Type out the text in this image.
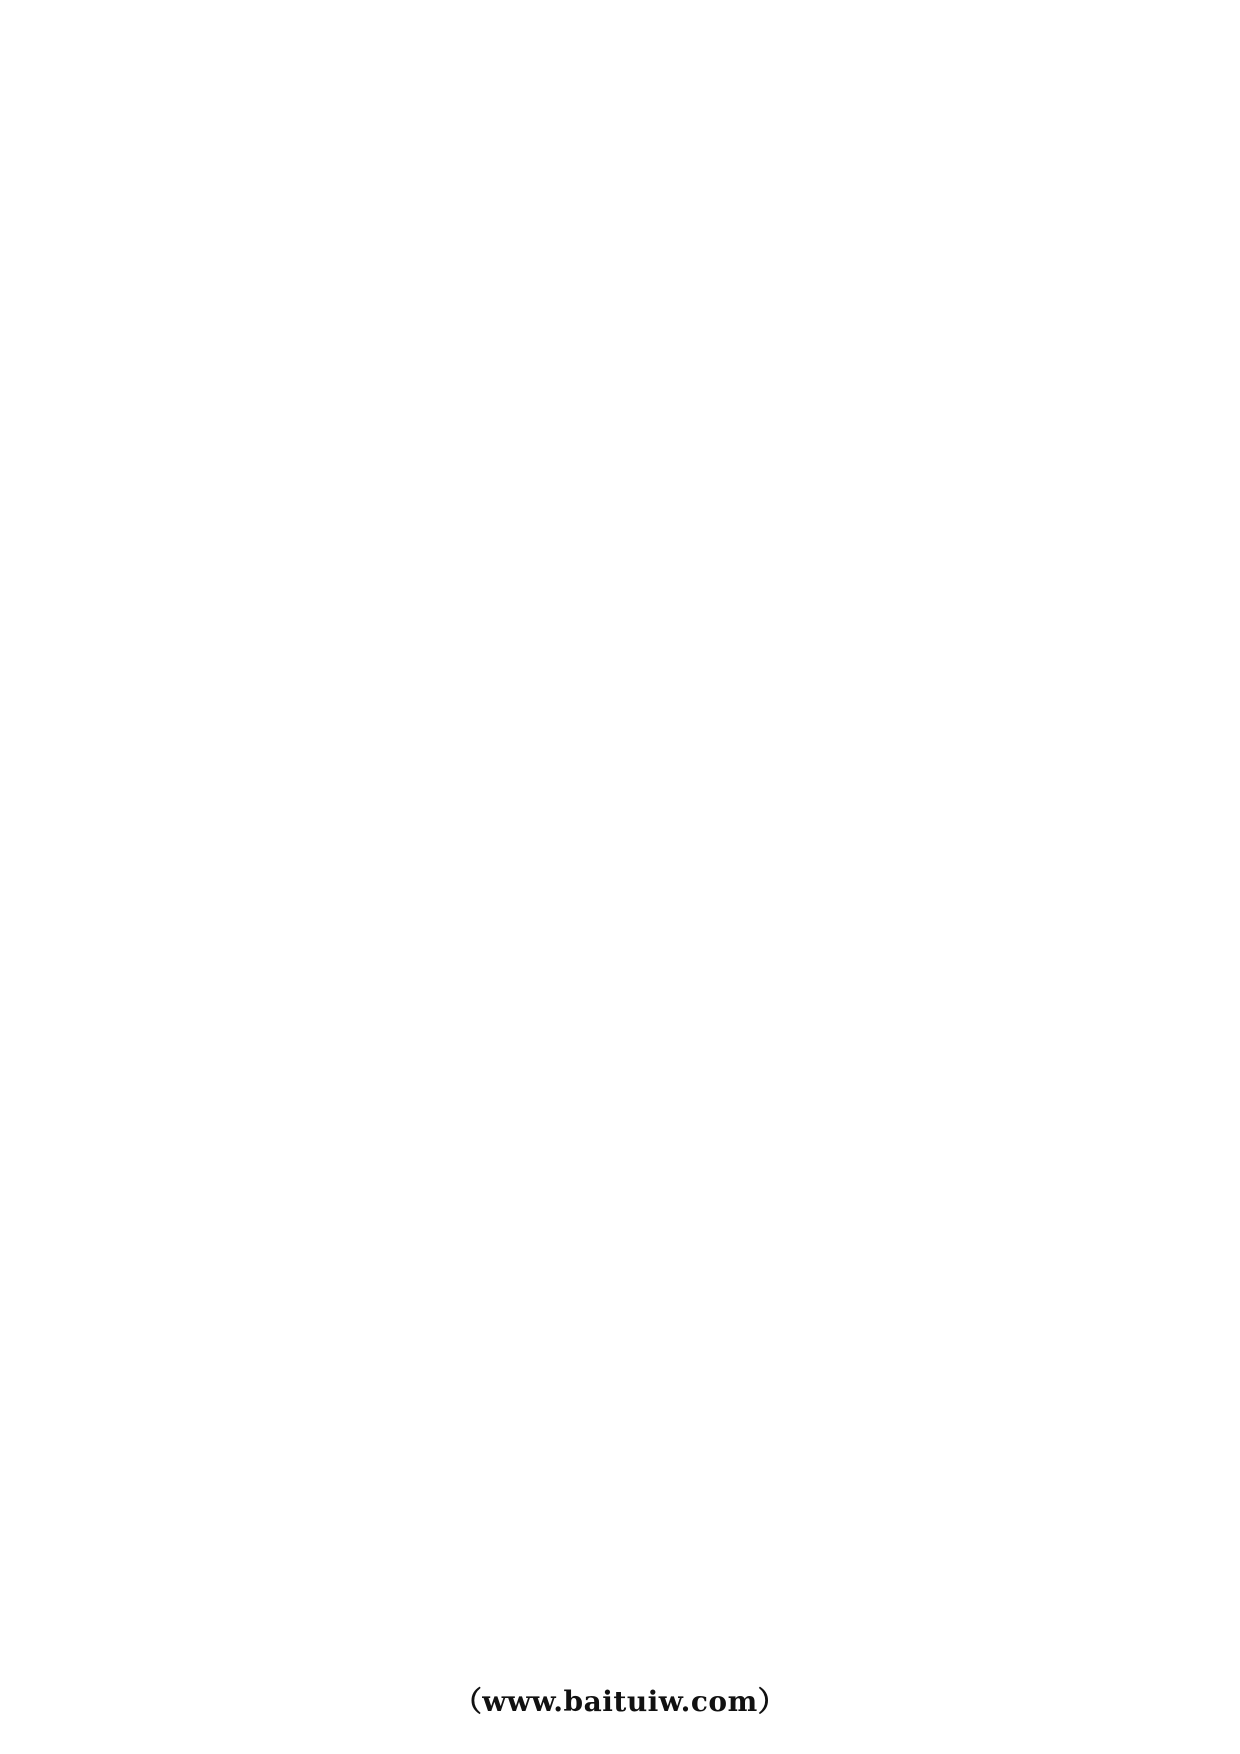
（www.baituiw.com）
